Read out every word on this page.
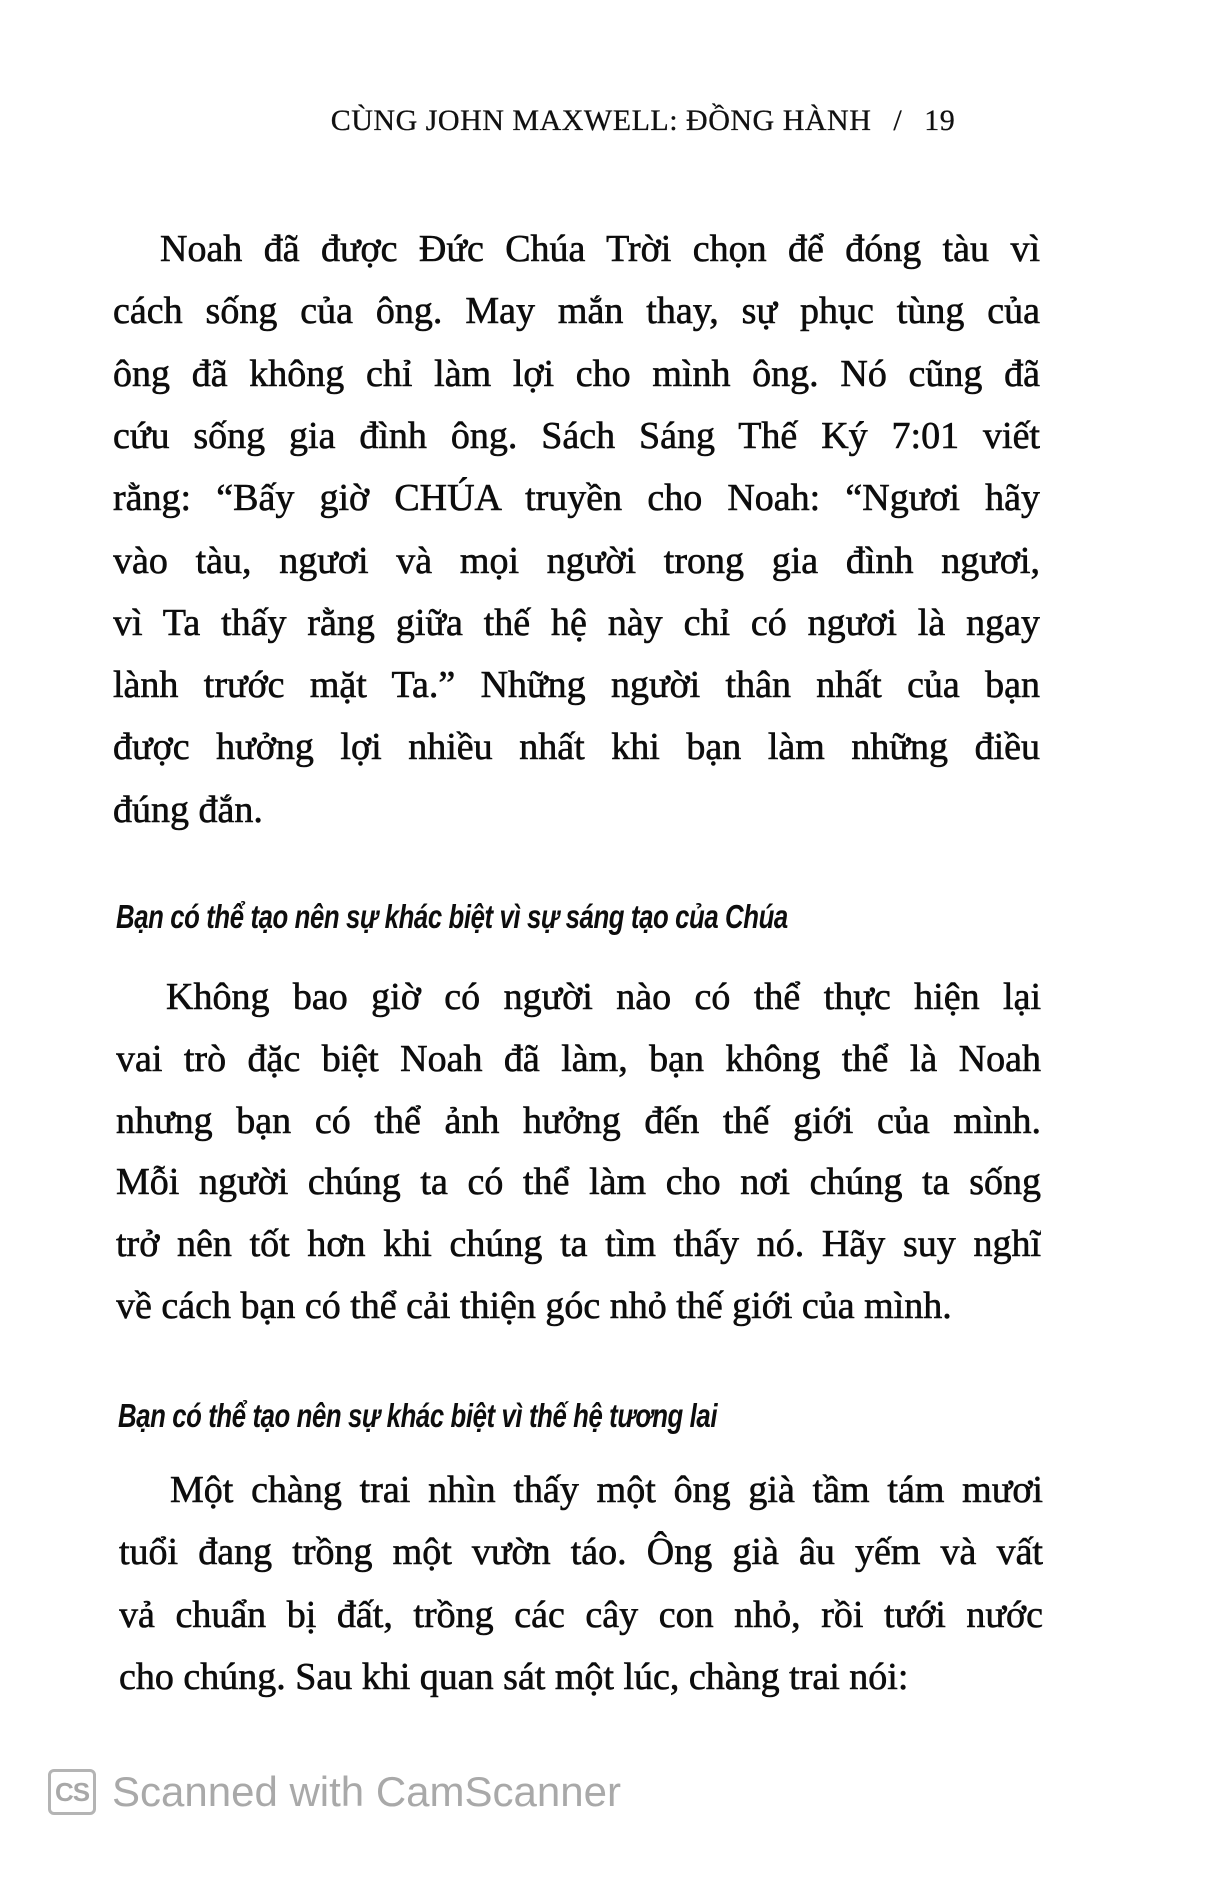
CÙNG JOHN MAXWELL: ĐỒNG HÀNH / 19
Noah đã được Đức Chúa Trời chọn để đóng tàu vì
cách sống của ông. May mắn thay, sự phục tùng của
ông đã không chỉ làm lợi cho mình ông. Nó cũng đã
cứu sống gia đình ông. Sách Sáng Thế Ký 7:01 viết
rằng: “Bấy giờ CHÚA truyền cho Noah: “Ngươi hãy
vào tàu, ngươi và mọi người trong gia đình ngươi,
vì Ta thấy rằng giữa thế hệ này chỉ có ngươi là ngay
lành trước mặt Ta.” Những người thân nhất của bạn
được hưởng lợi nhiều nhất khi bạn làm những điều
đúng đắn.
Không bao giờ có người nào có thể thực hiện lại
vai trò đặc biệt Noah đã làm, bạn không thể là Noah
nhưng bạn có thể ảnh hưởng đến thế giới của mình.
Mỗi người chúng ta có thể làm cho nơi chúng ta sống
trở nên tốt hơn khi chúng ta tìm thấy nó. Hãy suy nghĩ
về cách bạn có thể cải thiện góc nhỏ thế giới của mình.
Một chàng trai nhìn thấy một ông già tầm tám mươi
tuổi đang trồng một vườn táo. Ông già âu yếm và vất
vả chuẩn bị đất, trồng các cây con nhỏ, rồi tưới nước
cho chúng. Sau khi quan sát một lúc, chàng trai nói:
Bạn có thể tạo nên sự khác biệt vì sự sáng tạo của Chúa
Bạn có thể tạo nên sự khác biệt vì thế hệ tương lai
CS Scanned with CamScanner
